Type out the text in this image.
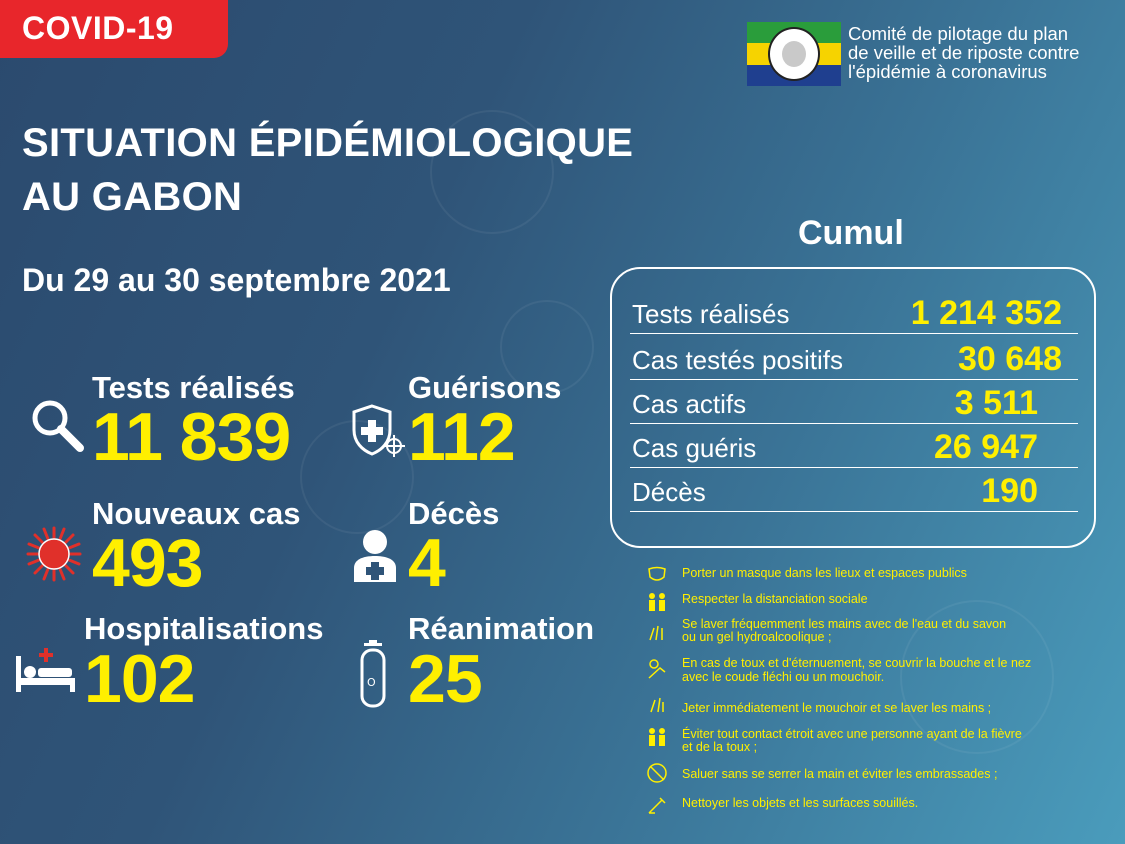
COVID-19	Comité de pilotage du plan
de veille et de riposte contre
l'épidémie à coronavirus
SITUATION ÉPIDÉMIOLOGIQUE
AU GABON
Du 29 au 30 septembre 2021
Tests réalisés
11 839
Nouveaux cas
493
Hospitalisations
102
Guérisons
112
Décès
4
O
Réanimation
25
Cumul
Tests réalisés	1 214 352
Cas testés positifs	30 648
Cas actifs	3 511
Cas guéris	26 947
Décès	190
Porter un masque dans les lieux et espaces publics
Respecter la distanciation sociale
Se laver fréquemment les mains avec de l'eau et du savon
ou un gel hydroalcoolique ;
En cas de toux et d'éternuement, se couvrir la bouche et le nez
avec le coude fléchi ou un mouchoir.
Jeter immédiatement le mouchoir et se laver les mains ;
Éviter tout contact étroit avec une personne ayant de la fièvre
et de la toux ;
Saluer sans se serrer la main et éviter les embrassades ;
Nettoyer les objets et les surfaces souillés.
